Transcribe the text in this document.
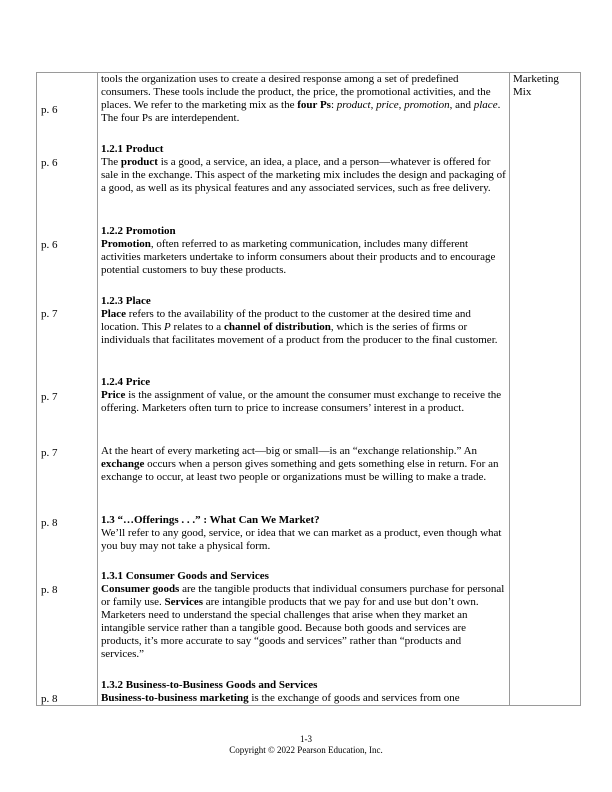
p. 6
p. 6
p. 6
p. 7
p. 7
p. 7
p. 8
p. 8
p. 8

tools the organization uses to create a desired response among a set of predefined consumers. These tools include the product, the price, the promotional activities, and the places. We refer to the marketing mix as the four Ps: product, price, promotion, and place. The four Ps are interdependent.

1.2.1 Product

The product is a good, a service, an idea, a place, and a person—whatever is offered for sale in the exchange. This aspect of the marketing mix includes the design and packaging of a good, as well as its physical features and any associated services, such as free delivery.

1.2.2 Promotion

Promotion, often referred to as marketing communication, includes many different activities marketers undertake to inform consumers about their products and to encourage potential customers to buy these products.

1.2.3 Place

Place refers to the availability of the product to the customer at the desired time and location. This P relates to a channel of distribution, which is the series of firms or individuals that facilitates movement of a product from the producer to the final customer.

1.2.4 Price

Price is the assignment of value, or the amount the consumer must exchange to receive the offering. Marketers often turn to price to increase consumers’ interest in a product.

At the heart of every marketing act—big or small—is an “exchange relationship.” An exchange occurs when a person gives something and gets something else in return. For an exchange to occur, at least two people or organizations must be willing to make a trade.

1.3 “…Offerings . . .” : What Can We Market?

We’ll refer to any good, service, or idea that we can market as a product, even though what you buy may not take a physical form.

1.3.1 Consumer Goods and Services

Consumer goods are the tangible products that individual consumers purchase for personal or family use. Services are intangible products that we pay for and use but don’t own. Marketers need to understand the special challenges that arise when they market an intangible service rather than a tangible good. Because both goods and services are products, it’s more accurate to say “goods and services” rather than “products and services.”

1.3.2 Business-to-Business Goods and Services

Business-to-business marketing is the exchange of goods and services from one

Marketing Mix
1-3
Copyright © 2022 Pearson Education, Inc.
